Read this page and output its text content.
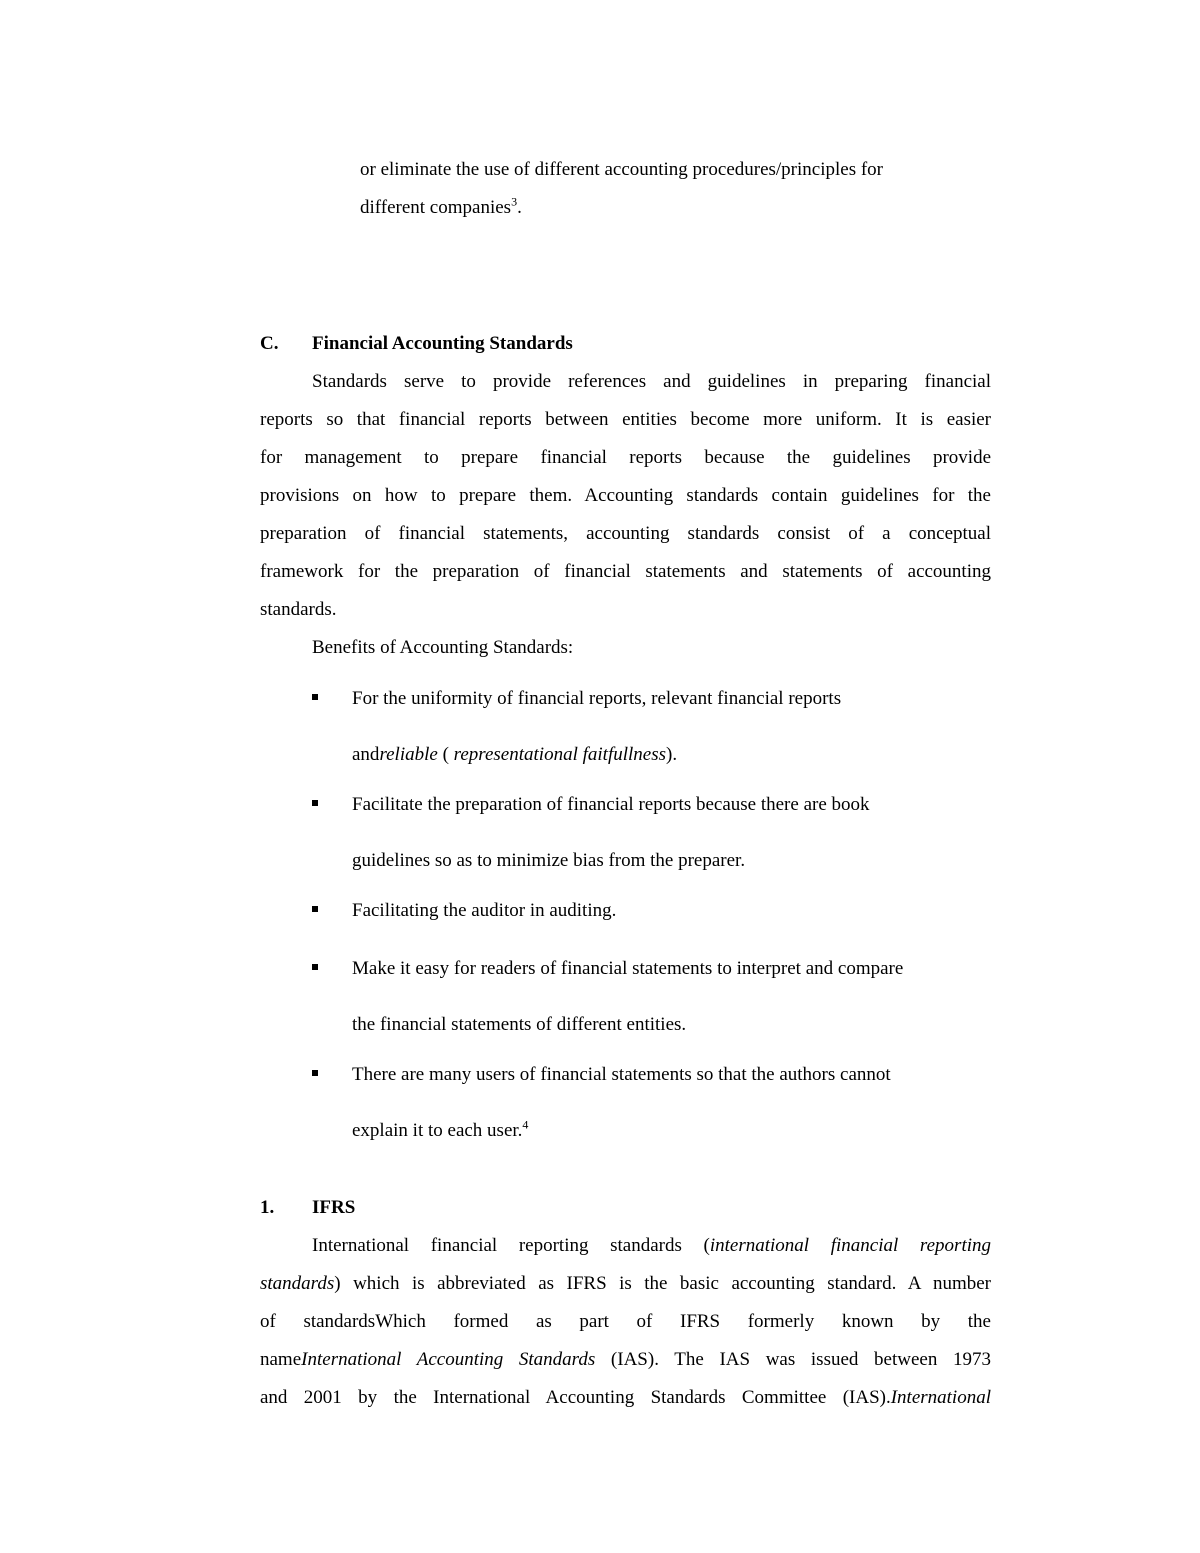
or eliminate the use of different accounting procedures/principles for
different companies$^3$.
C. Financial Accounting Standards
Standards serve to provide references and guidelines in preparing financial
reports so that financial reports between entities become more uniform. It is easier
for management to prepare financial reports because the guidelines provide
provisions on how to prepare them. Accounting standards contain guidelines for the
preparation of financial statements, accounting standards consist of a conceptual
framework for the preparation of financial statements and statements of accounting
standards.
Benefits of Accounting Standards:
For the uniformity of financial reports, relevant financial reports
andreliable ( representational faitfullness).
Facilitate the preparation of financial reports because there are book
guidelines so as to minimize bias from the preparer.
Facilitating the auditor in auditing.
Make it easy for readers of financial statements to interpret and compare
the financial statements of different entities.
There are many users of financial statements so that the authors cannot
explain it to each user.$^4$
1. IFRS
International financial reporting standards (international financial reporting
standards) which is abbreviated as IFRS is the basic accounting standard. A number
of standardsWhich formed as part of IFRS formerly known by the
nameInternational Accounting Standards (IAS). The IAS was issued between 1973
and 2001 by the International Accounting Standards Committee (IAS).International
